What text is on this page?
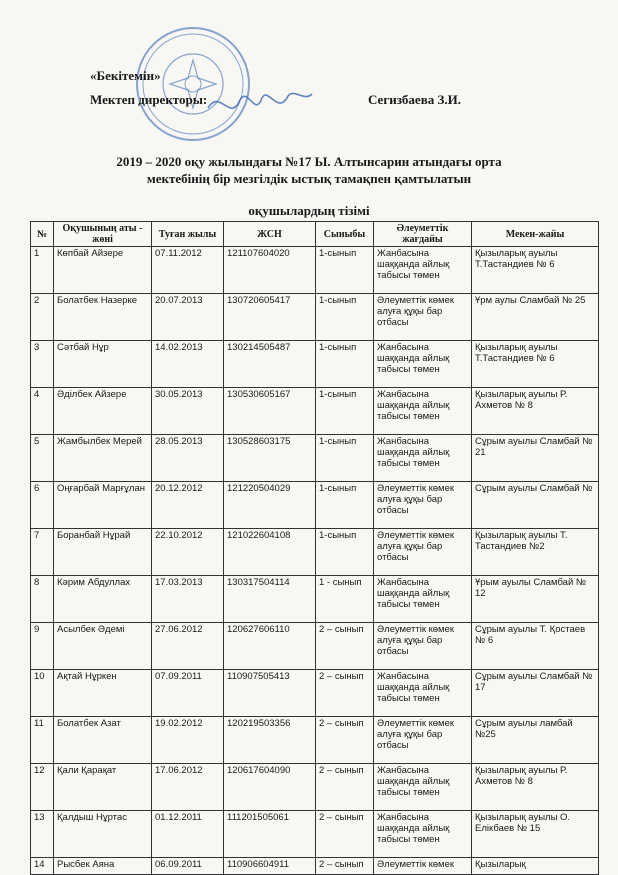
«Бекітемін»
Мектеп директоры:	Сегизбаева З.И.
2019 – 2020 оқу жылындағы №17 Ы. Алтынсарин атындағы орта
мектебінің бір мезгілдік ыстық тамақпен қамтылатын
оқушылардың тізімі
№	Оқушының аты - жөні	Туған жылы	ЖСН	Сыныбы	Әлеуметтік жағдайы	Мекен-жайы
1	Көпбай Айзере	07.11.2012	121107604020	1-сынып	Жанбасына шаққанда айлық табысы төмен	Қызыларық ауылы Т.Тастандиев № 6
2	Болатбек Назерке	20.07.2013	130720605417	1-сынып	Әлеуметтік көмек алуға құқы бар отбасы	Ұрм аулы Сламбай № 25
3	Сәтбай Нұр	14.02.2013	130214505487	1-сынып	Жанбасына шаққанда айлық табысы төмен	Қызыларық ауылы Т.Тастандиев № 6
4	Әділбек Айзере	30.05.2013	130530605167	1-сынып	Жанбасына шаққанда айлық табысы төмен	Қызыларық ауылы Р. Ахметов № 8
5	Жамбылбек Мерей	28.05.2013	130528603175	1-сынып	Жанбасына шаққанда айлық табысы төмен	Сұрым ауылы Сламбай № 21
6	Оңғарбай Марғұлан	20.12.2012	121220504029	1-сынып	Әлеуметтік көмек алуға құқы бар отбасы	Сұрым ауылы Сламбай №
7	Боранбай Нұрай	22.10.2012	121022604108	1-сынып	Әлеуметтік көмек алуға құқы бар отбасы	Қызыларық ауылы Т. Тастандиев №2
8	Кәрим Абдуллах	17.03.2013	130317504114	1 - сынып	Жанбасына шаққанда айлық табысы төмен	Ұрым ауылы Сламбай № 12
9	Асылбек Әдемі	27.06.2012	120627606110	2 – сынып	Әлеуметтік көмек алуға құқы бар отбасы	Сұрым ауылы Т. Қостаев № 6
10	Ақтай Нұркен	07.09.2011	110907505413	2 – сынып	Жанбасына шаққанда айлық табысы төмен	Сұрым ауылы Сламбай № 17
11	Болатбек Азат	19.02.2012	120219503356	2 – сынып	Әлеуметтік көмек алуға құқы бар отбасы	Сұрым ауылы ламбай №25
12	Қали Қарақат	17.06.2012	120617604090	2 – сынып	Жанбасына шаққанда айлық табысы төмен	Қызыларық ауылы Р. Ахметов № 8
13	Қалдыш Нұртас	01.12.2011	111201505061	2 – сынып	Жанбасына шаққанда айлық табысы төмен	Қызыларық ауылы О. Елікбаев № 15
14	Рысбек Аяна	06.09.2011	110906604911	2 – сынып	Әлеуметтік көмек	Қызыларық
